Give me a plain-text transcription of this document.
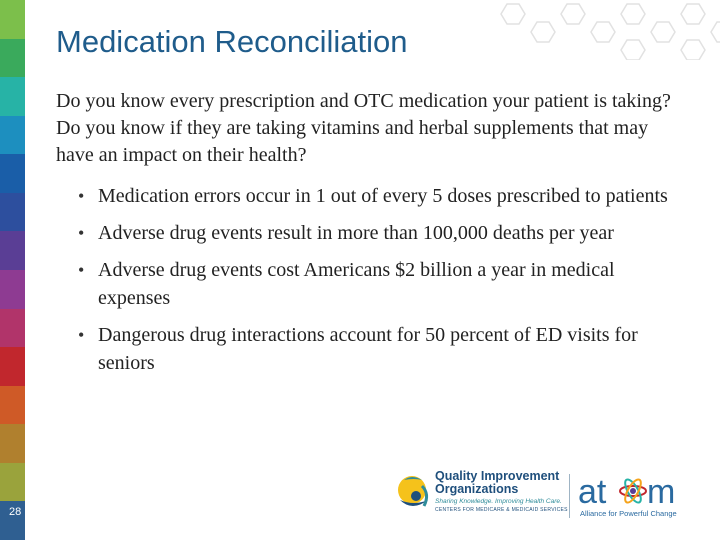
Medication Reconciliation
Do you know every prescription and OTC medication your patient is taking? Do you know if they are taking vitamins and herbal supplements that may have an impact on their health?
• Medication errors occur in 1 out of every 5 doses prescribed to patients
• Adverse drug events result in more than 100,000 deaths per year
• Adverse drug events cost Americans $2 billion a year in medical expenses
• Dangerous drug interactions account for 50 percent of ED visits for seniors
28
Quality Improvement
Organizations
Sharing Knowledge. Improving Health Care.
CENTERS FOR MEDICARE & MEDICAID SERVICES at m
Alliance for Powerful Change
